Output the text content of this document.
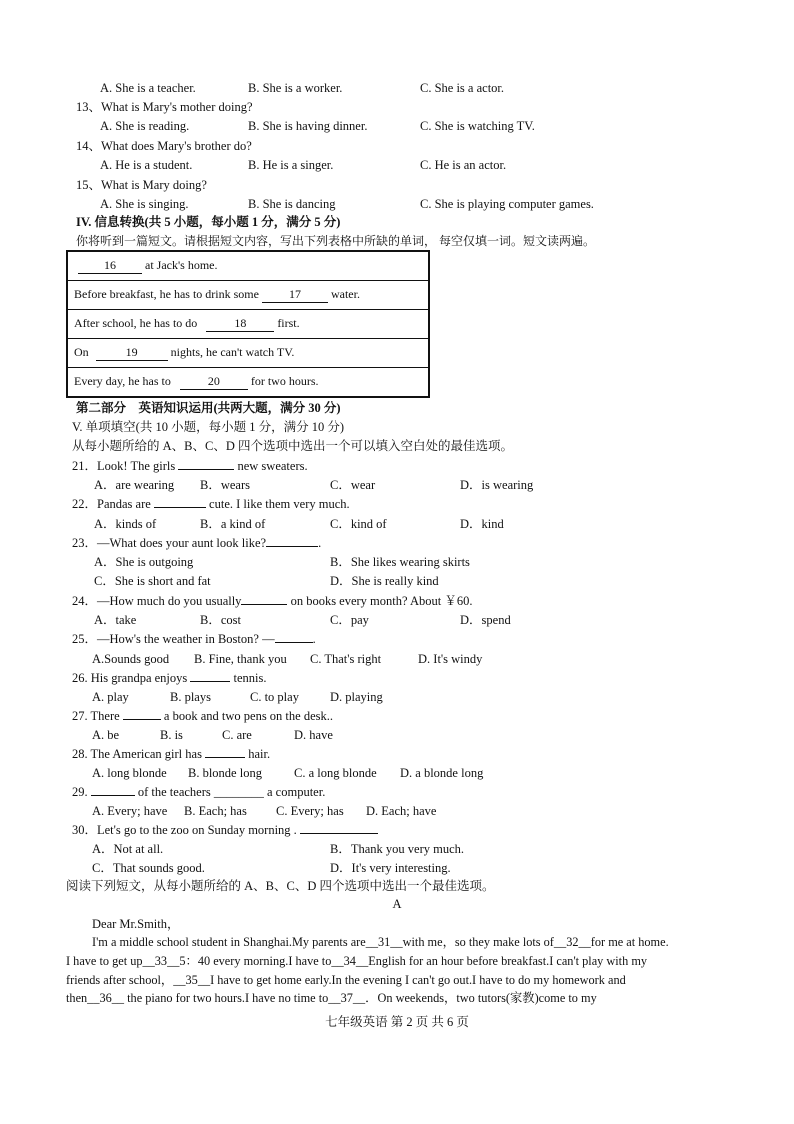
A. She is a teacher.	B. She is a worker.	C. She is a actor.
13、What is Mary's mother doing?
A. She is reading.	B. She is having dinner.	C. She is watching TV.
14、What does Mary's brother do?
A. He is a student.	B. He is a singer.	C. He is an actor.
15、What is Mary doing?
A. She is singing.	B. She is dancing	C. She is playing computer games.
IV. 信息转换(共 5 小题，每小题 1 分，满分 5 分)
你将听到一篇短文。请根据短文内容，写出下列表格中所缺的单词， 每空仅填一词。短文读两遍。
16 at Jack's home.
Before breakfast, he has to drink some	17	water.
After school, he has to do	18	first.
On	19	nights, he can't watch TV.
Every day, he has to	20	for two hours.
第二部分　英语知识运用(共两大题，满分 30 分)
V. 单项填空(共 10 小题，每小题 1 分，满分 10 分)
从每小题所给的 A、B、C、D 四个选项中选出一个可以填入空白处的最佳选项。
21．Look! The girls	new sweaters.
A．are wearing B．wears	C．wear	D．is wearing
22．Pandas are	cute. I like them very much.
A．kinds of	B．a kind of	C．kind of	D．kind
23．—What does your aunt look like?	.
A．She is outgoing	B．She likes wearing skirts
C．She is short and fat	D．She is really kind
24．—How much do you usually	on books every month? About ￥60.
A．take	B．cost	C．pay	D．spend
25．—How's the weather in Boston? —	.
A.Sounds good B. Fine, thank you C. That's right	D. It's windy
26. His grandpa enjoys	tennis.
A. play	B. plays	C. to play D. playing
27. There	a book and two pens on the desk..
A. be	B. is	C. are	D. have
28. The American girl has	hair.
A. long blonde B. blonde long	C. a long blonde D. a blonde long
29.	of the teachers ________ a computer.
A. Every; have B. Each; has C. Every; has D. Each; have
30．Let's go to the zoo on Sunday morning .
A．Not at all.	B．Thank you very much.
C．That sounds good.	D．It's very interesting.
阅读下列短文，从每小题所给的 A、B、C、D 四个选项中选出一个最佳选项。
A
Dear Mr.Smith，
I'm a middle school student in Shanghai.My parents are__31__with me，so they make lots of__32__for me at home.
I have to get up__33__5：40 every morning.I have to__34__English for an hour before breakfast.I can't play with my
friends after school，__35__I have to get home early.In the evening I can't go out.I have to do my homework and
then__36__ the piano for two hours.I have no time to__37__．On weekends，two tutors(家教)come to my
七年级英语 第 2 页 共 6 页
